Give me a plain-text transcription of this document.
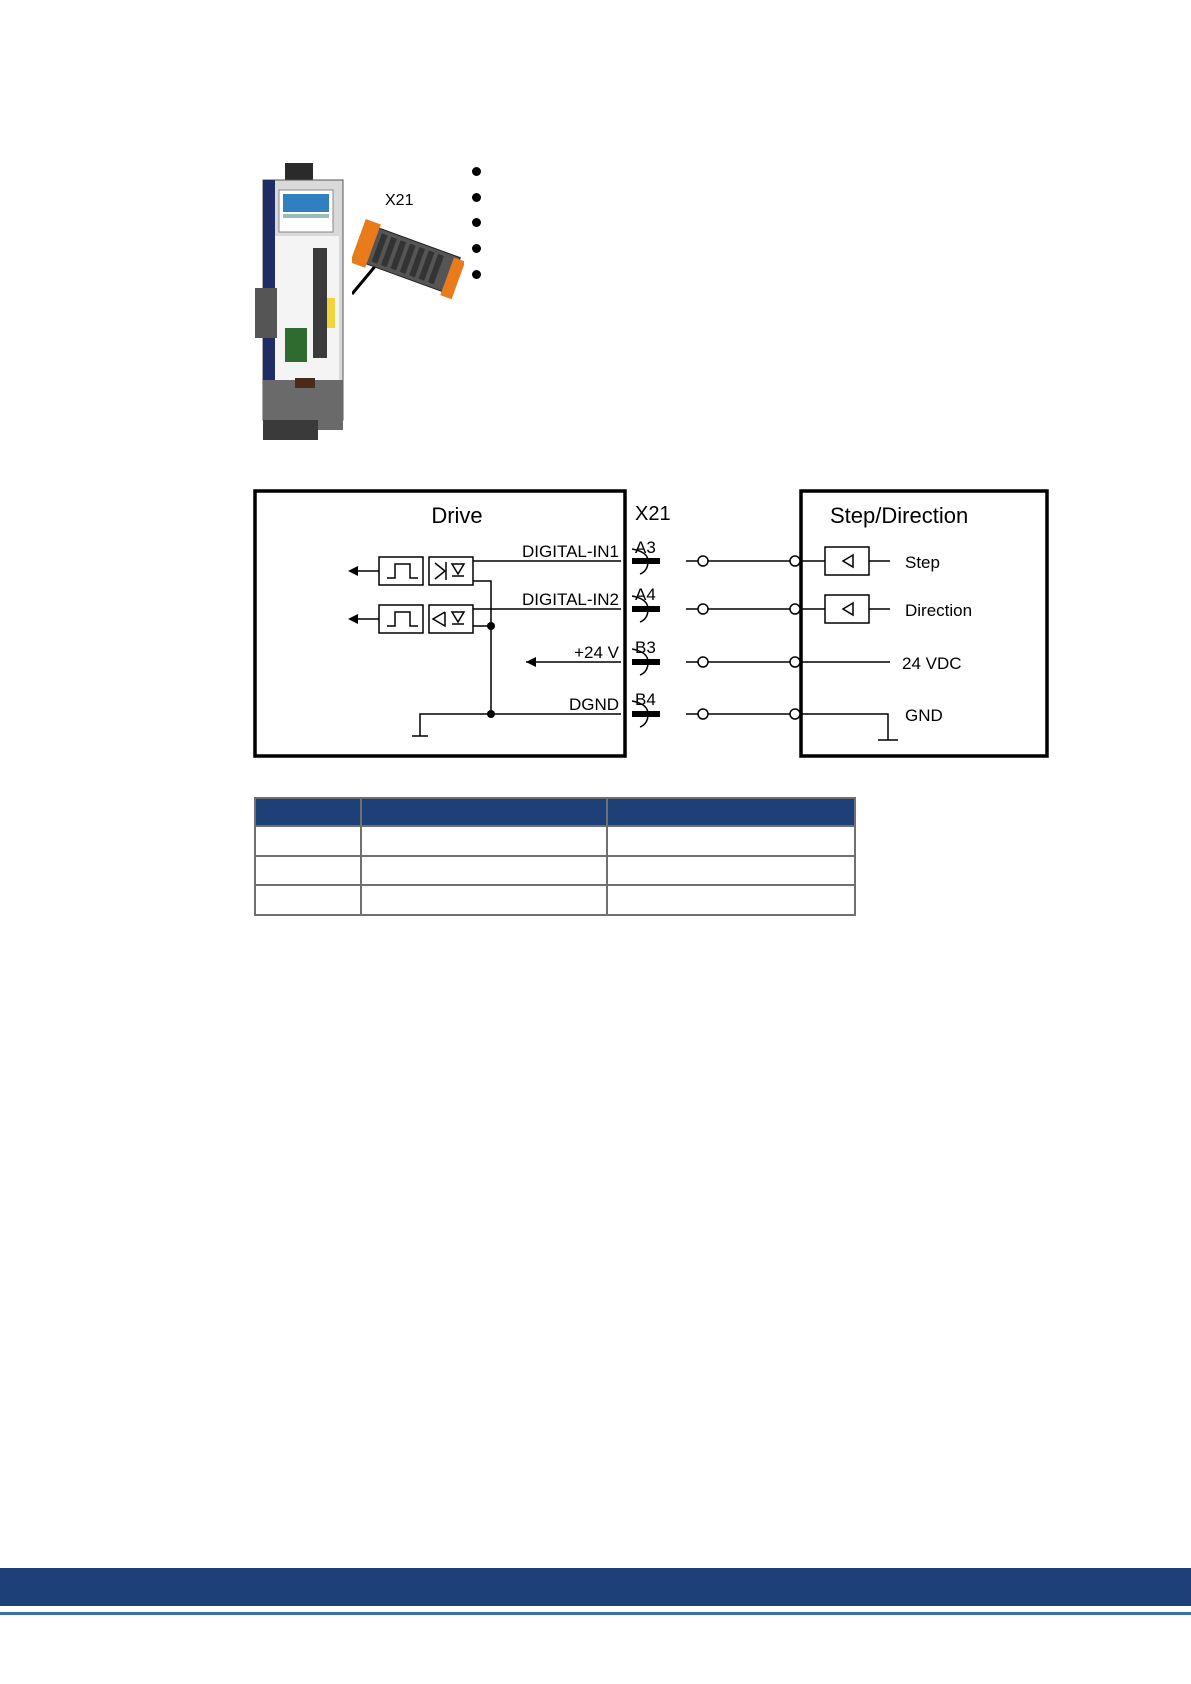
X21
Drive	X21	Step/Direction
DIGITAL-IN1
DIGITAL-IN2
+24 V
DGND
A3
A4
B3
B4
Step
Direction
24 VDC
GND
